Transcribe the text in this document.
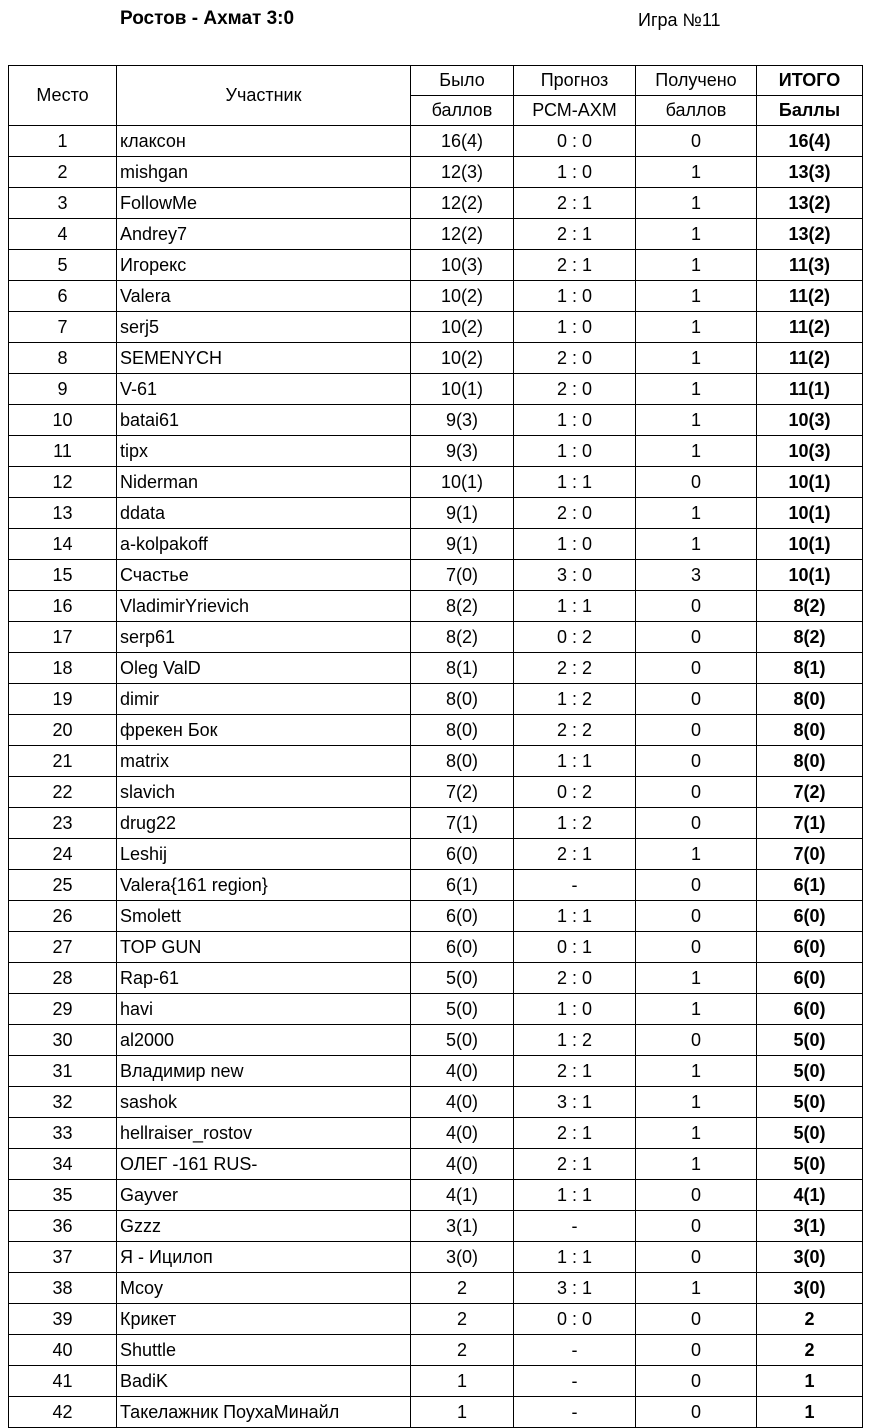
Ростов - Ахмат 3:0	Игра №11
Место	Участник	Было	Прогноз	Получено	ИТОГО
		баллов	РСМ-АХМ	баллов	Баллы
1	клаксон	16(4)	0 : 0	0	16(4)
2	mishgan	12(3)	1 : 0	1	13(3)
3	FollowMe	12(2)	2 : 1	1	13(2)
4	Andrey7	12(2)	2 : 1	1	13(2)
5	Игорекс	10(3)	2 : 1	1	11(3)
6	Valera	10(2)	1 : 0	1	11(2)
7	serj5	10(2)	1 : 0	1	11(2)
8	SEMENYCH	10(2)	2 : 0	1	11(2)
9	V-61	10(1)	2 : 0	1	11(1)
10	batai61	9(3)	1 : 0	1	10(3)
11	tipx	9(3)	1 : 0	1	10(3)
12	Niderman	10(1)	1 : 1	0	10(1)
13	ddata	9(1)	2 : 0	1	10(1)
14	a-kolpakoff	9(1)	1 : 0	1	10(1)
15	Счастье	7(0)	3 : 0	3	10(1)
16	VladimirYrievich	8(2)	1 : 1	0	8(2)
17	serp61	8(2)	0 : 2	0	8(2)
18	Oleg ValD	8(1)	2 : 2	0	8(1)
19	dimir	8(0)	1 : 2	0	8(0)
20	фрекен Бок	8(0)	2 : 2	0	8(0)
21	matrix	8(0)	1 : 1	0	8(0)
22	slavich	7(2)	0 : 2	0	7(2)
23	drug22	7(1)	1 : 2	0	7(1)
24	Leshij	6(0)	2 : 1	1	7(0)
25	Valera{161 region}	6(1)	-	0	6(1)
26	Smolett	6(0)	1 : 1	0	6(0)
27	TOP GUN	6(0)	0 : 1	0	6(0)
28	Rap-61	5(0)	2 : 0	1	6(0)
29	havi	5(0)	1 : 0	1	6(0)
30	al2000	5(0)	1 : 2	0	5(0)
31	Владимир new	4(0)	2 : 1	1	5(0)
32	sashok	4(0)	3 : 1	1	5(0)
33	hellraiser_rostov	4(0)	2 : 1	1	5(0)
34	ОЛЕГ -161 RUS-	4(0)	2 : 1	1	5(0)
35	Gayver	4(1)	1 : 1	0	4(1)
36	Gzzz	3(1)	-	0	3(1)
37	Я - Ицилоп	3(0)	1 : 1	0	3(0)
38	Mcoy	2	3 : 1	1	3(0)
39	Крикет	2	0 : 0	0	2
40	Shuttle	2	-	0	2
41	BadiK	1	-	0	1
42	Такелажник ПоухаМинайл	1	-	0	1
